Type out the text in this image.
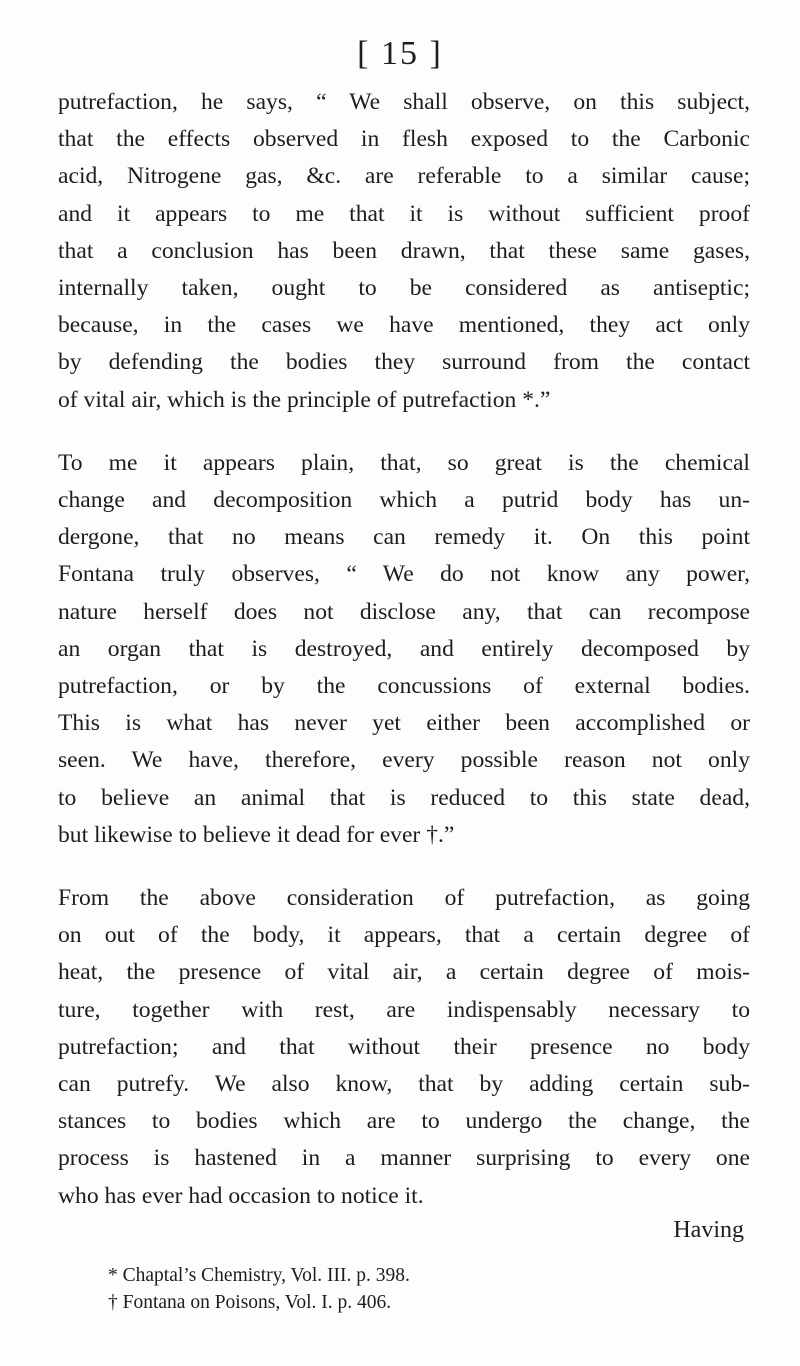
[ 15 ]

putrefaction, he says, “ We shall observe, on this subject,
that the effects observed in flesh exposed to the Carbonic
acid, Nitrogene gas, &c. are referable to a similar cause;
and it appears to me that it is without sufficient proof
that a conclusion has been drawn, that these same gases,
internally taken, ought to be considered as antiseptic;
because, in the cases we have mentioned, they act only
by defending the bodies they surround from the contact
of vital air, which is the principle of putrefaction *.”

To me it appears plain, that, so great is the chemical
change and decomposition which a putrid body has un-
dergone, that no means can remedy it. On this point
Fontana truly observes, “ We do not know any power,
nature herself does not disclose any, that can recompose
an organ that is destroyed, and entirely decomposed by
putrefaction, or by the concussions of external bodies.
This is what has never yet either been accomplished or
seen. We have, therefore, every possible reason not only
to believe an animal that is reduced to this state dead,
but likewise to believe it dead for ever †.”

From the above consideration of putrefaction, as going
on out of the body, it appears, that a certain degree of
heat, the presence of vital air, a certain degree of mois-
ture, together with rest, are indispensably necessary to
putrefaction; and that without their presence no body
can putrefy. We also know, that by adding certain sub-
stances to bodies which are to undergo the change, the
process is hastened in a manner surprising to every one
who has ever had occasion to notice it.

Having
* Chaptal’s Chemistry, Vol. III. p. 398.
† Fontana on Poisons, Vol. I. p. 406.
